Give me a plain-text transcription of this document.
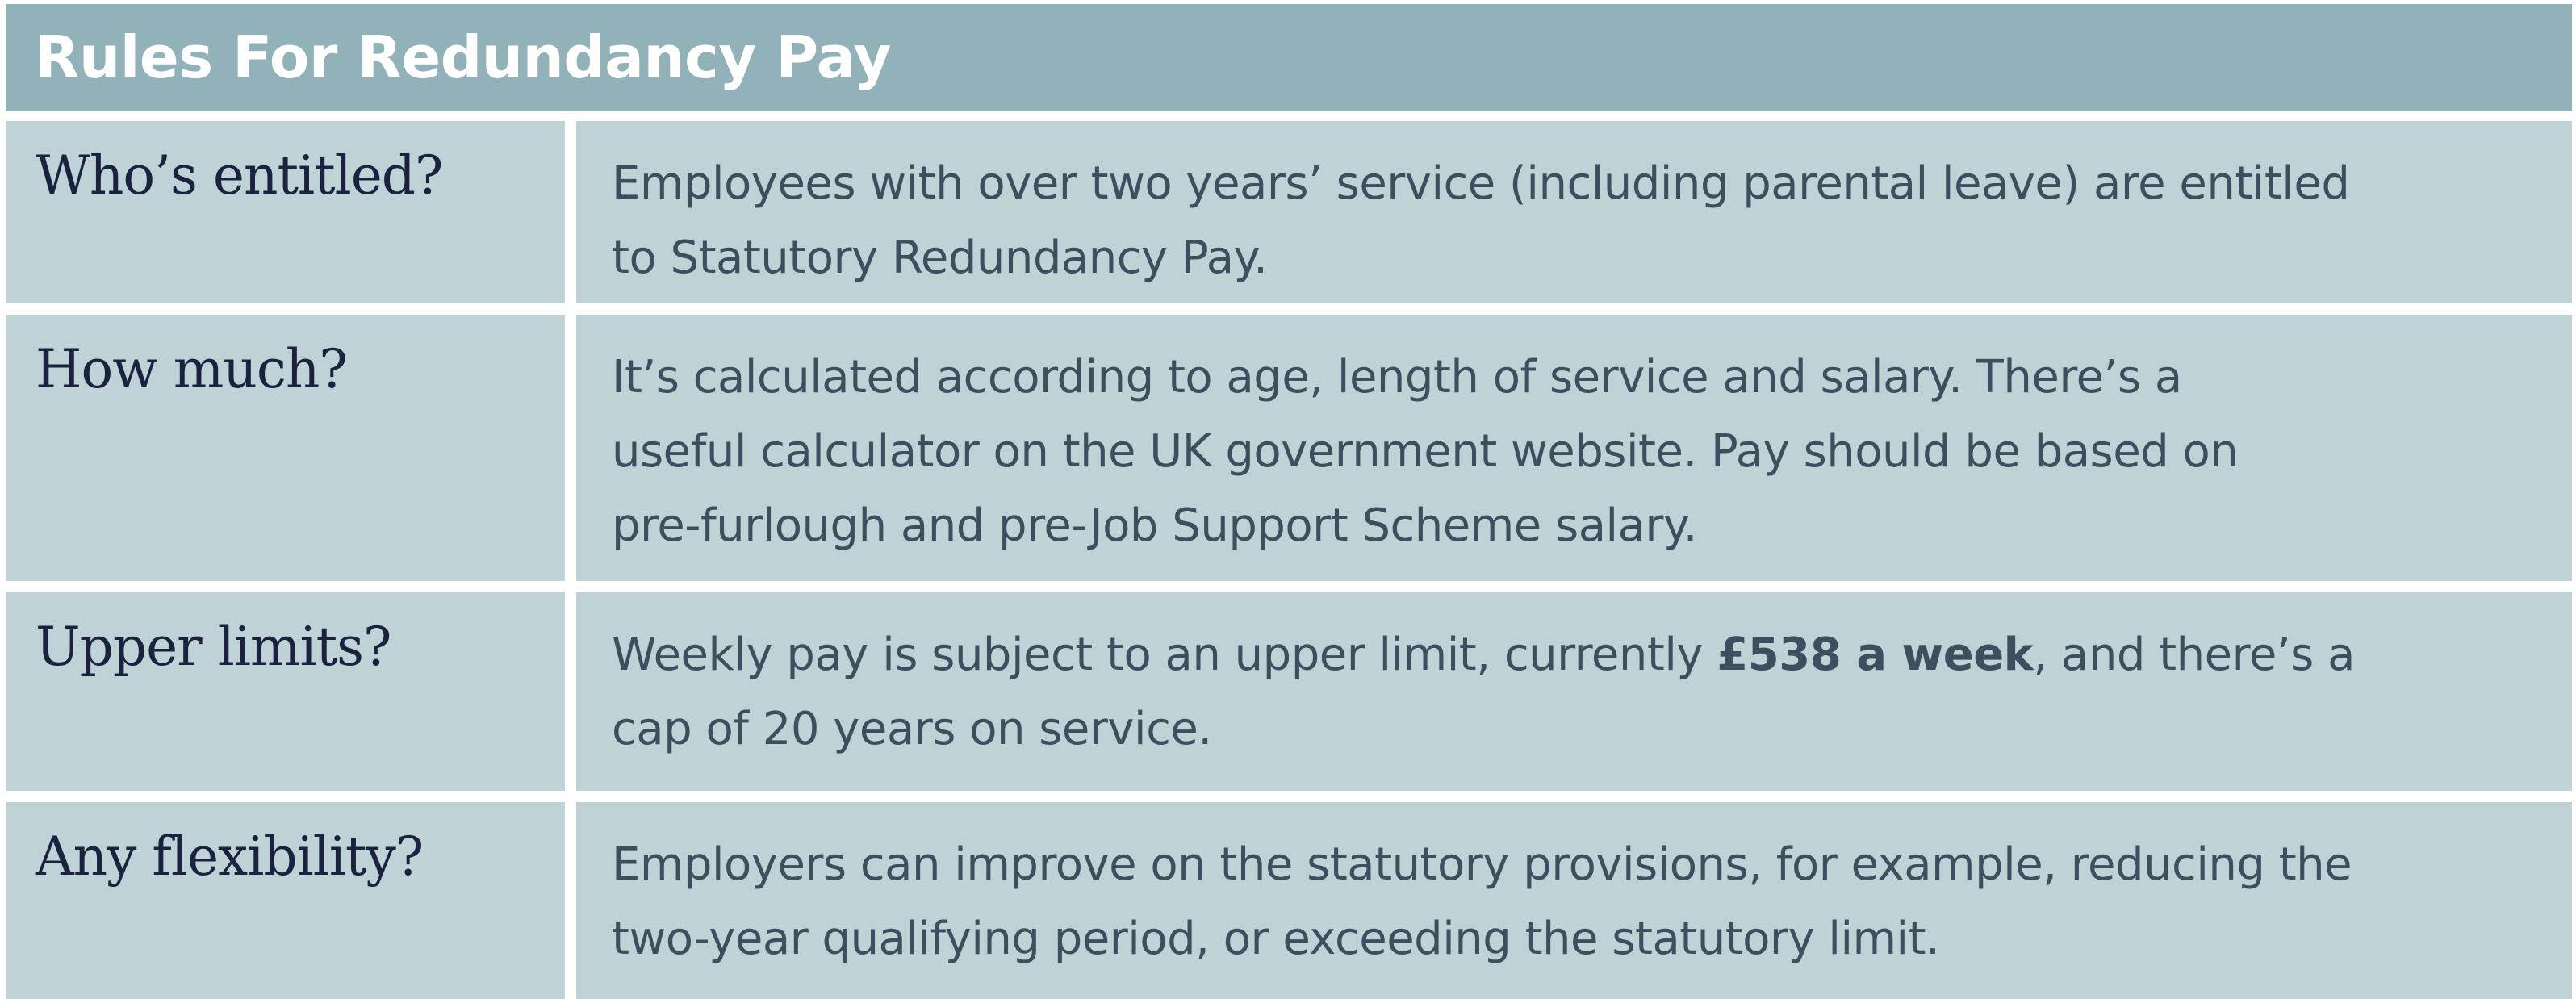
Rules For Redundancy Pay
Who’s entitled?	Employees with over two years’ service (including parental leave) are entitled
to Statutory Redundancy Pay.
How much?	It’s calculated according to age, length of service and salary. There’s a
useful calculator on the UK government website. Pay should be based on
pre-furlough and pre-Job Support Scheme salary.
Upper limits?	Weekly pay is subject to an upper limit, currently £538 a week, and there’s a
cap of 20 years on service.
Any flexibility?	Employers can improve on the statutory provisions, for example, reducing the
two-year qualifying period, or exceeding the statutory limit.
